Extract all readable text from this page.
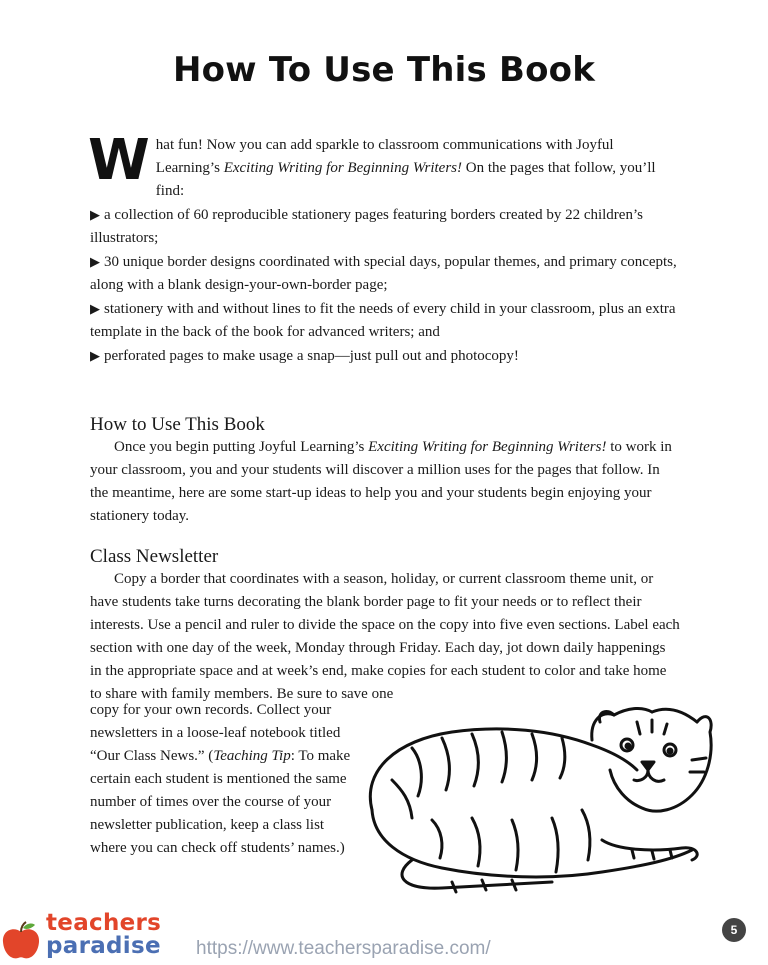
How To Use This Book

What fun! Now you can add sparkle to classroom communications with Joyful Learning’s Exciting Writing for Beginning Writers! On the pages that follow, you’ll find:

▶ a collection of 60 reproducible stationery pages featuring borders created by 22 children’s illustrators;

▶ 30 unique border designs coordinated with special days, popular themes, and primary concepts, along with a blank design-your-own-border page;

▶ stationery with and without lines to fit the needs of every child in your classroom, plus an extra template in the back of the book for advanced writers; and

▶ perforated pages to make usage a snap—just pull out and photocopy!

How to Use This Book

Once you begin putting Joyful Learning’s Exciting Writing for Beginning Writers! to work in your classroom, you and your students will discover a million uses for the pages that follow. In the meantime, here are some start-up ideas to help you and your students begin enjoying your stationery today.

Class Newsletter

Copy a border that coordinates with a season, holiday, or current classroom theme unit, or have students take turns decorating the blank border page to fit your needs or to reflect their interests. Use a pencil and ruler to divide the space on the copy into five even sections. Label each section with one day of the week, Monday through Friday. Each day, jot down daily happenings in the appropriate space and at week’s end, make copies for each student to color and take home to share with family members. Be sure to save one

copy for your own records. Collect your newsletters in a loose-leaf notebook titled “Our Class News.” (Teaching Tip: To make certain each student is mentioned the same number of times over the course of your newsletter publication, keep a class list where you can check off students’ names.)
teachers
paradise https://www.teachersparadise.com/
5
